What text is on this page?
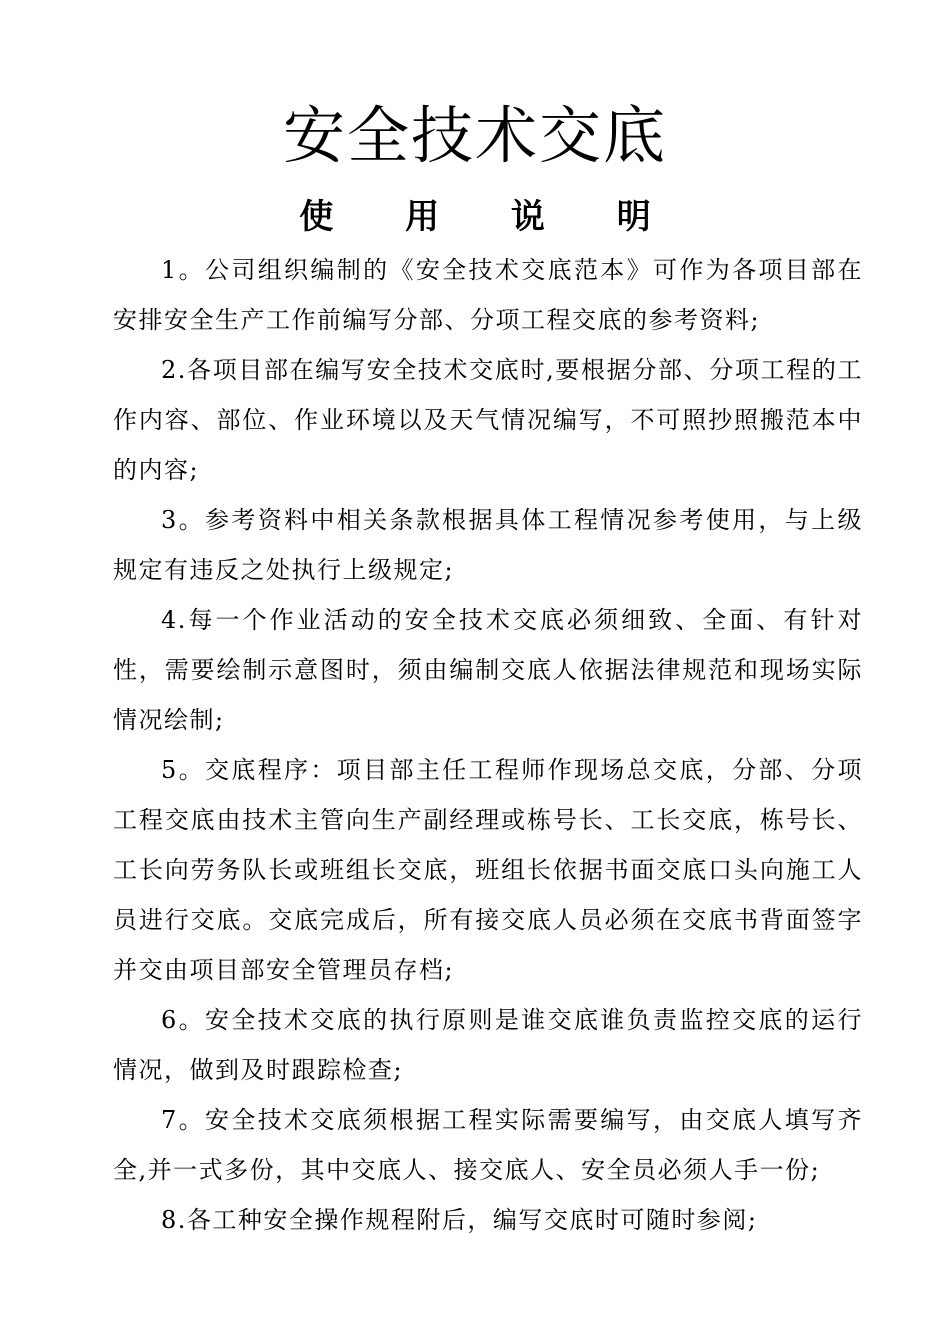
安全技术交底
使 用 说 明

1。公司组织编制的《安全技术交底范本》可作为各项目部在安排安全生产工作前编写分部、分项工程交底的参考资料;

2.各项目部在编写安全技术交底时,要根据分部、分项工程的工作内容、部位、作业环境以及天气情况编写，不可照抄照搬范本中的内容;

3。参考资料中相关条款根据具体工程情况参考使用，与上级规定有违反之处执行上级规定;

4.每一个作业活动的安全技术交底必须细致、全面、有针对性，需要绘制示意图时，须由编制交底人依据法律规范和现场实际情况绘制;

5。交底程序：项目部主任工程师作现场总交底，分部、分项工程交底由技术主管向生产副经理或栋号长、工长交底，栋号长、工长向劳务队长或班组长交底，班组长依据书面交底口头向施工人员进行交底。交底完成后，所有接交底人员必须在交底书背面签字并交由项目部安全管理员存档;

6。安全技术交底的执行原则是谁交底谁负责监控交底的运行情况，做到及时跟踪检查;

7。安全技术交底须根据工程实际需要编写，由交底人填写齐全,并一式多份，其中交底人、接交底人、安全员必须人手一份;

8.各工种安全操作规程附后，编写交底时可随时参阅;
